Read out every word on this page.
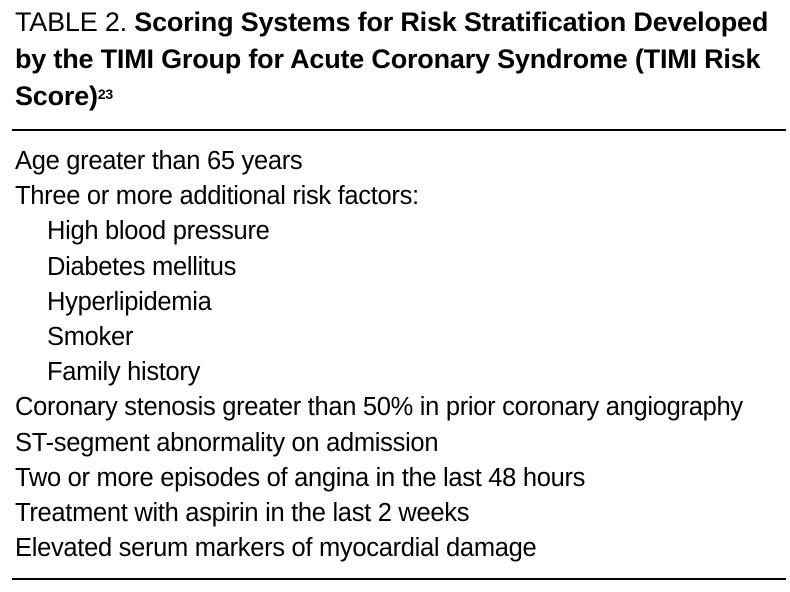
TABLE 2. Scoring Systems for Risk Stratification Developed by the TIMI Group for Acute Coronary Syndrome (TIMI Risk Score)$^{23}$
Age greater than 65 years
Three or more additional risk factors:
High blood pressure
Diabetes mellitus
Hyperlipidemia
Smoker
Family history
Coronary stenosis greater than 50% in prior coronary angiography
ST-segment abnormality on admission
Two or more episodes of angina in the last 48 hours
Treatment with aspirin in the last 2 weeks
Elevated serum markers of myocardial damage
